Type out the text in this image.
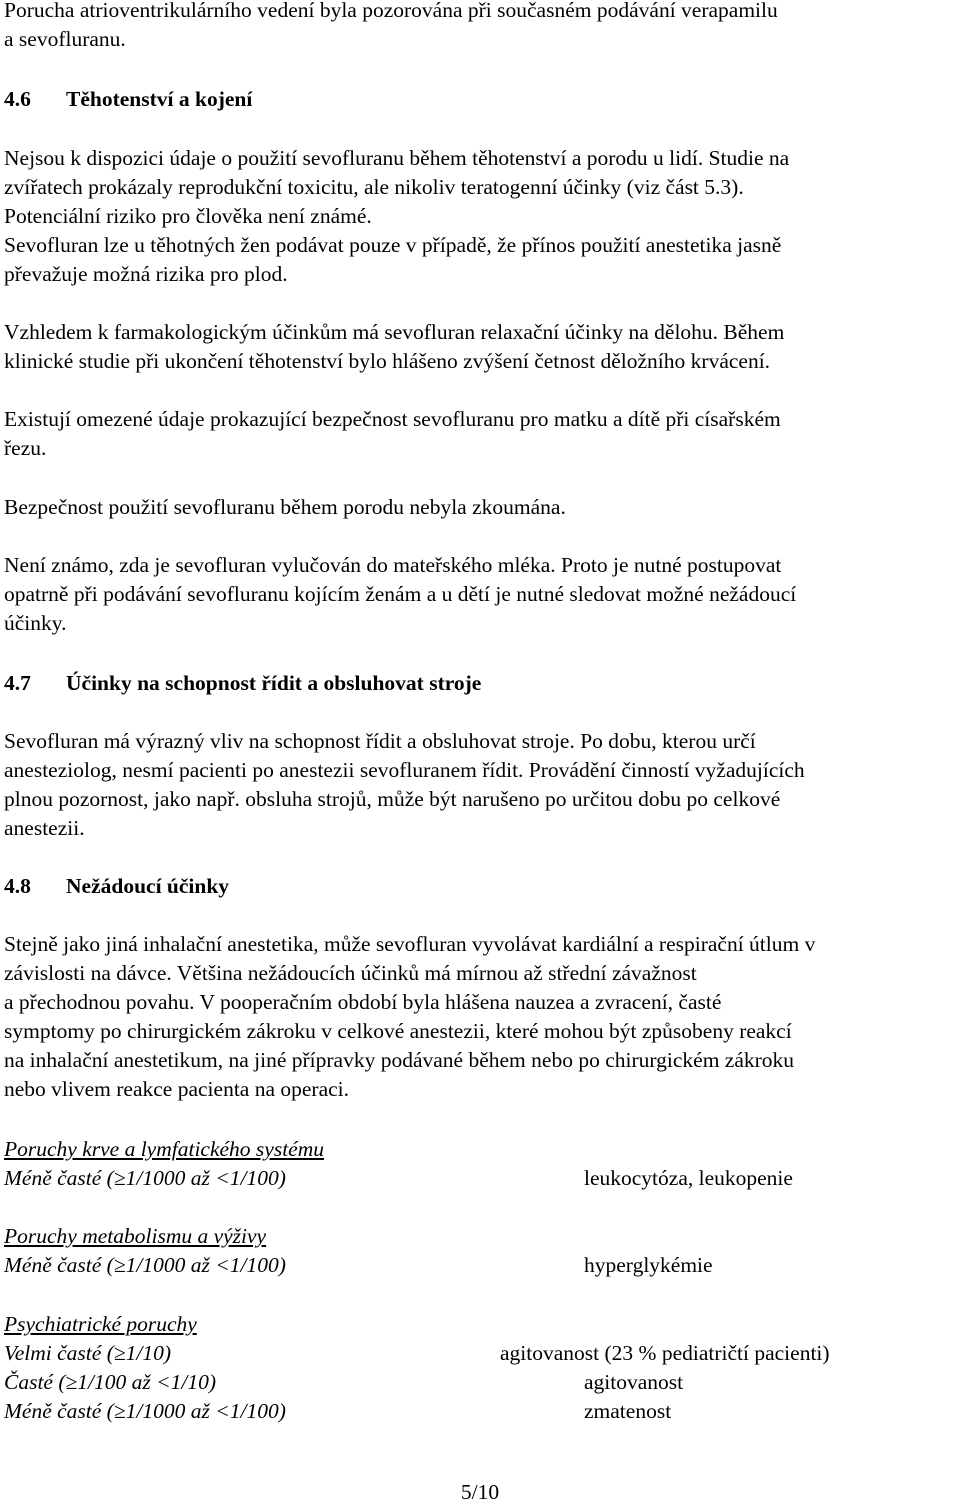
Porucha atrioventrikulárního vedení byla pozorována při současném podávání verapamilu

a sevofluranu.

4.6 Těhotenství a kojení

Nejsou k dispozici údaje o použití sevofluranu během těhotenství a porodu u lidí. Studie na

zvířatech prokázaly reprodukční toxicitu, ale nikoliv teratogenní účinky (viz část 5.3).

Potenciální riziko pro člověka není známé.

Sevofluran lze u těhotných žen podávat pouze v případě, že přínos použití anestetika jasně

převažuje možná rizika pro plod.

Vzhledem k farmakologickým účinkům má sevofluran relaxační účinky na dělohu. Během

klinické studie při ukončení těhotenství bylo hlášeno zvýšení četnost děložního krvácení.

Existují omezené údaje prokazující bezpečnost sevofluranu pro matku a dítě při císařském

řezu.

Bezpečnost použití sevofluranu během porodu nebyla zkoumána.

Není známo, zda je sevofluran vylučován do mateřského mléka. Proto je nutné postupovat

opatrně při podávání sevofluranu kojícím ženám a u dětí je nutné sledovat možné nežádoucí

účinky.

4.7 Účinky na schopnost řídit a obsluhovat stroje

Sevofluran má výrazný vliv na schopnost řídit a obsluhovat stroje. Po dobu, kterou určí

anesteziolog, nesmí pacienti po anestezii sevofluranem řídit. Provádění činností vyžadujících

plnou pozornost, jako např. obsluha strojů, může být narušeno po určitou dobu po celkové

anestezii.

4.8 Nežádoucí účinky

Stejně jako jiná inhalační anestetika, může sevofluran vyvolávat kardiální a respirační útlum v

závislosti na dávce. Většina nežádoucích účinků má mírnou až střední závažnost

a přechodnou povahu. V pooperačním období byla hlášena nauzea a zvracení, časté

symptomy po chirurgickém zákroku v celkové anestezii, které mohou být způsobeny reakcí

na inhalační anestetikum, na jiné přípravky podávané během nebo po chirurgickém zákroku

nebo vlivem reakce pacienta na operaci.

Poruchy krve a lymfatického systému

Méně časté (≥1/1000 až <1/100)	leukocytóza, leukopenie

Poruchy metabolismu a výživy

Méně časté (≥1/1000 až <1/100)	hyperglykémie

Psychiatrické poruchy

Velmi časté (≥1/10)	agitovanost (23 % pediatričtí pacienti)

Časté (≥1/100 až <1/10)	agitovanost

Méně časté (≥1/1000 až <1/100)	zmatenost

5/10
